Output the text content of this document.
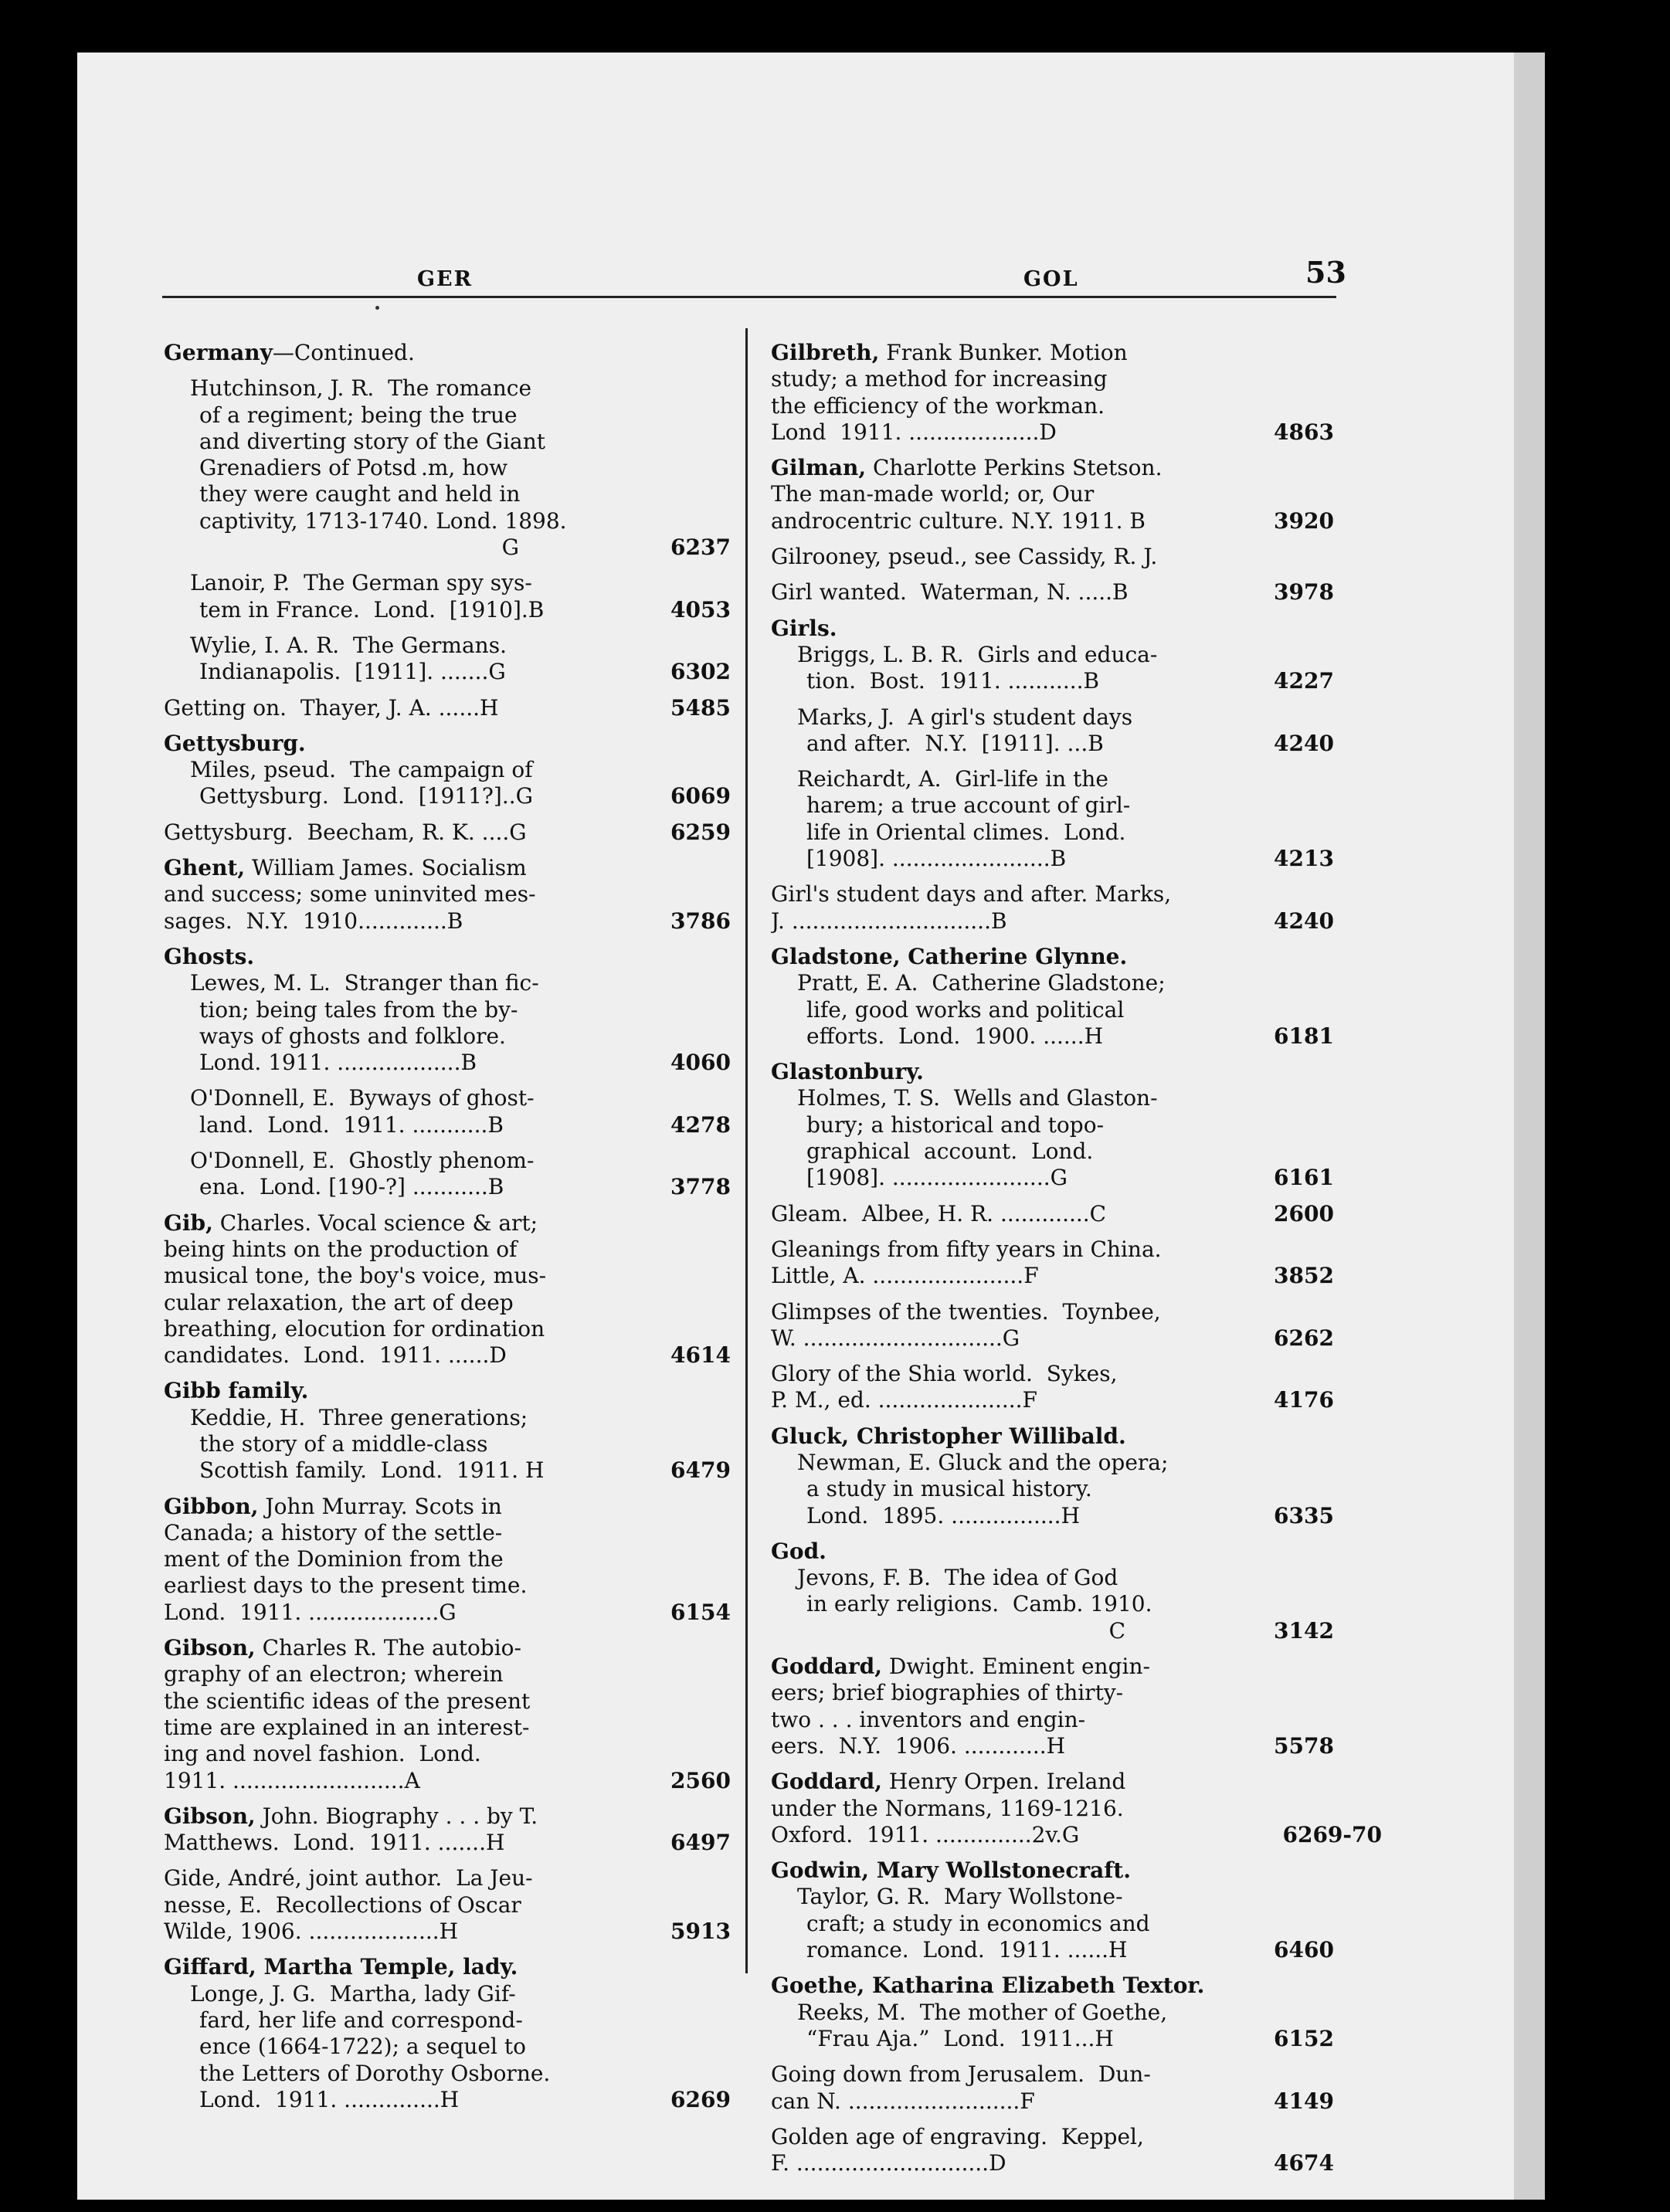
GER	GOL	53
Germany—Continued.
Hutchinson, J. R.  The romance
of a regiment; being the true
and diverting story of the Giant
Grenadiers of Potsd .m, how
they were caught and held in
captivity, 1713-1740. Lond. 1898.
G	6237
Lanoir, P.  The German spy sys-
tem in France.  Lond.  [1910].B	4053
Wylie, I. A. R.  The Germans.
Indianapolis.  [1911]. .......G	6302
Getting on.  Thayer, J. A. ......H	5485
Gettysburg.
Miles, pseud.  The campaign of
Gettysburg.  Lond.  [1911?]..G	6069
Gettysburg.  Beecham, R. K. ....G	6259
Ghent, William James. Socialism
and success; some uninvited mes-
sages.  N.Y.  1910.............B	3786
Ghosts.
Lewes, M. L.  Stranger than fic-
tion; being tales from the by-
ways of ghosts and folklore.
Lond. 1911. ..................B	4060
O'Donnell, E.  Byways of ghost-
land.  Lond.  1911. ...........B	4278
O'Donnell, E.  Ghostly phenom-
ena.  Lond. [190-?] ...........B	3778
Gib, Charles. Vocal science & art;
being hints on the production of
musical tone, the boy's voice, mus-
cular relaxation, the art of deep
breathing, elocution for ordination
candidates.  Lond.  1911. ......D	4614
Gibb family.
Keddie, H.  Three generations;
the story of a middle-class
Scottish family.  Lond.  1911. H	6479
Gibbon, John Murray. Scots in
Canada; a history of the settle-
ment of the Dominion from the
earliest days to the present time.
Lond.  1911. ...................G	6154
Gibson, Charles R. The autobio-
graphy of an electron; wherein
the scientific ideas of the present
time are explained in an interest-
ing and novel fashion.  Lond.
1911. .........................A	2560
Gibson, John. Biography . . . by T.
Matthews.  Lond.  1911. .......H	6497
Gide, André, joint author.  La Jeu-
nesse, E.  Recollections of Oscar
Wilde, 1906. ...................H	5913
Giffard, Martha Temple, lady.
Longe, J. G.  Martha, lady Gif-
fard, her life and correspond-
ence (1664-1722); a sequel to
the Letters of Dorothy Osborne.
Lond.  1911. ..............H	6269
Gilbreth, Frank Bunker. Motion
study; a method for increasing
the efficiency of the workman.
Lond  1911. ...................D	4863
Gilman, Charlotte Perkins Stetson.
The man-made world; or, Our
androcentric culture. N.Y. 1911. B	3920
Gilrooney, pseud., see Cassidy, R. J.
Girl wanted.  Waterman, N. .....B	3978
Girls.
Briggs, L. B. R.  Girls and educa-
tion.  Bost.  1911. ...........B	4227
Marks, J.  A girl's student days
and after.  N.Y.  [1911]. ...B	4240
Reichardt, A.  Girl-life in the
harem; a true account of girl-
life in Oriental climes.  Lond.
[1908]. .......................B	4213
Girl's student days and after. Marks,
J. .............................B	4240
Gladstone, Catherine Glynne.
Pratt, E. A.  Catherine Gladstone;
life, good works and political
efforts.  Lond.  1900. ......H	6181
Glastonbury.
Holmes, T. S.  Wells and Glaston-
bury; a historical and topo-
graphical  account.  Lond.
[1908]. .......................G	6161
Gleam.  Albee, H. R. .............C	2600
Gleanings from fifty years in China.
Little, A. ......................F	3852
Glimpses of the twenties.  Toynbee,
W. .............................G	6262
Glory of the Shia world.  Sykes,
P. M., ed. .....................F	4176
Gluck, Christopher Willibald.
Newman, E. Gluck and the opera;
a study in musical history.
Lond.  1895. ................H	6335
God.
Jevons, F. B.  The idea of God
in early religions.  Camb. 1910.
C	3142
Goddard, Dwight. Eminent engin-
eers; brief biographies of thirty-
two . . . inventors and engin-
eers.  N.Y.  1906. ............H	5578
Goddard, Henry Orpen. Ireland
under the Normans, 1169-1216.
Oxford.  1911. ..............2v.G	6269-70
Godwin, Mary Wollstonecraft.
Taylor, G. R.  Mary Wollstone-
craft; a study in economics and
romance.  Lond.  1911. ......H	6460
Goethe, Katharina Elizabeth Textor.
Reeks, M.  The mother of Goethe,
“Frau Aja.”  Lond.  1911...H	6152
Going down from Jerusalem.  Dun-
can N. .........................F	4149
Golden age of engraving.  Keppel,
F. ............................D	4674
